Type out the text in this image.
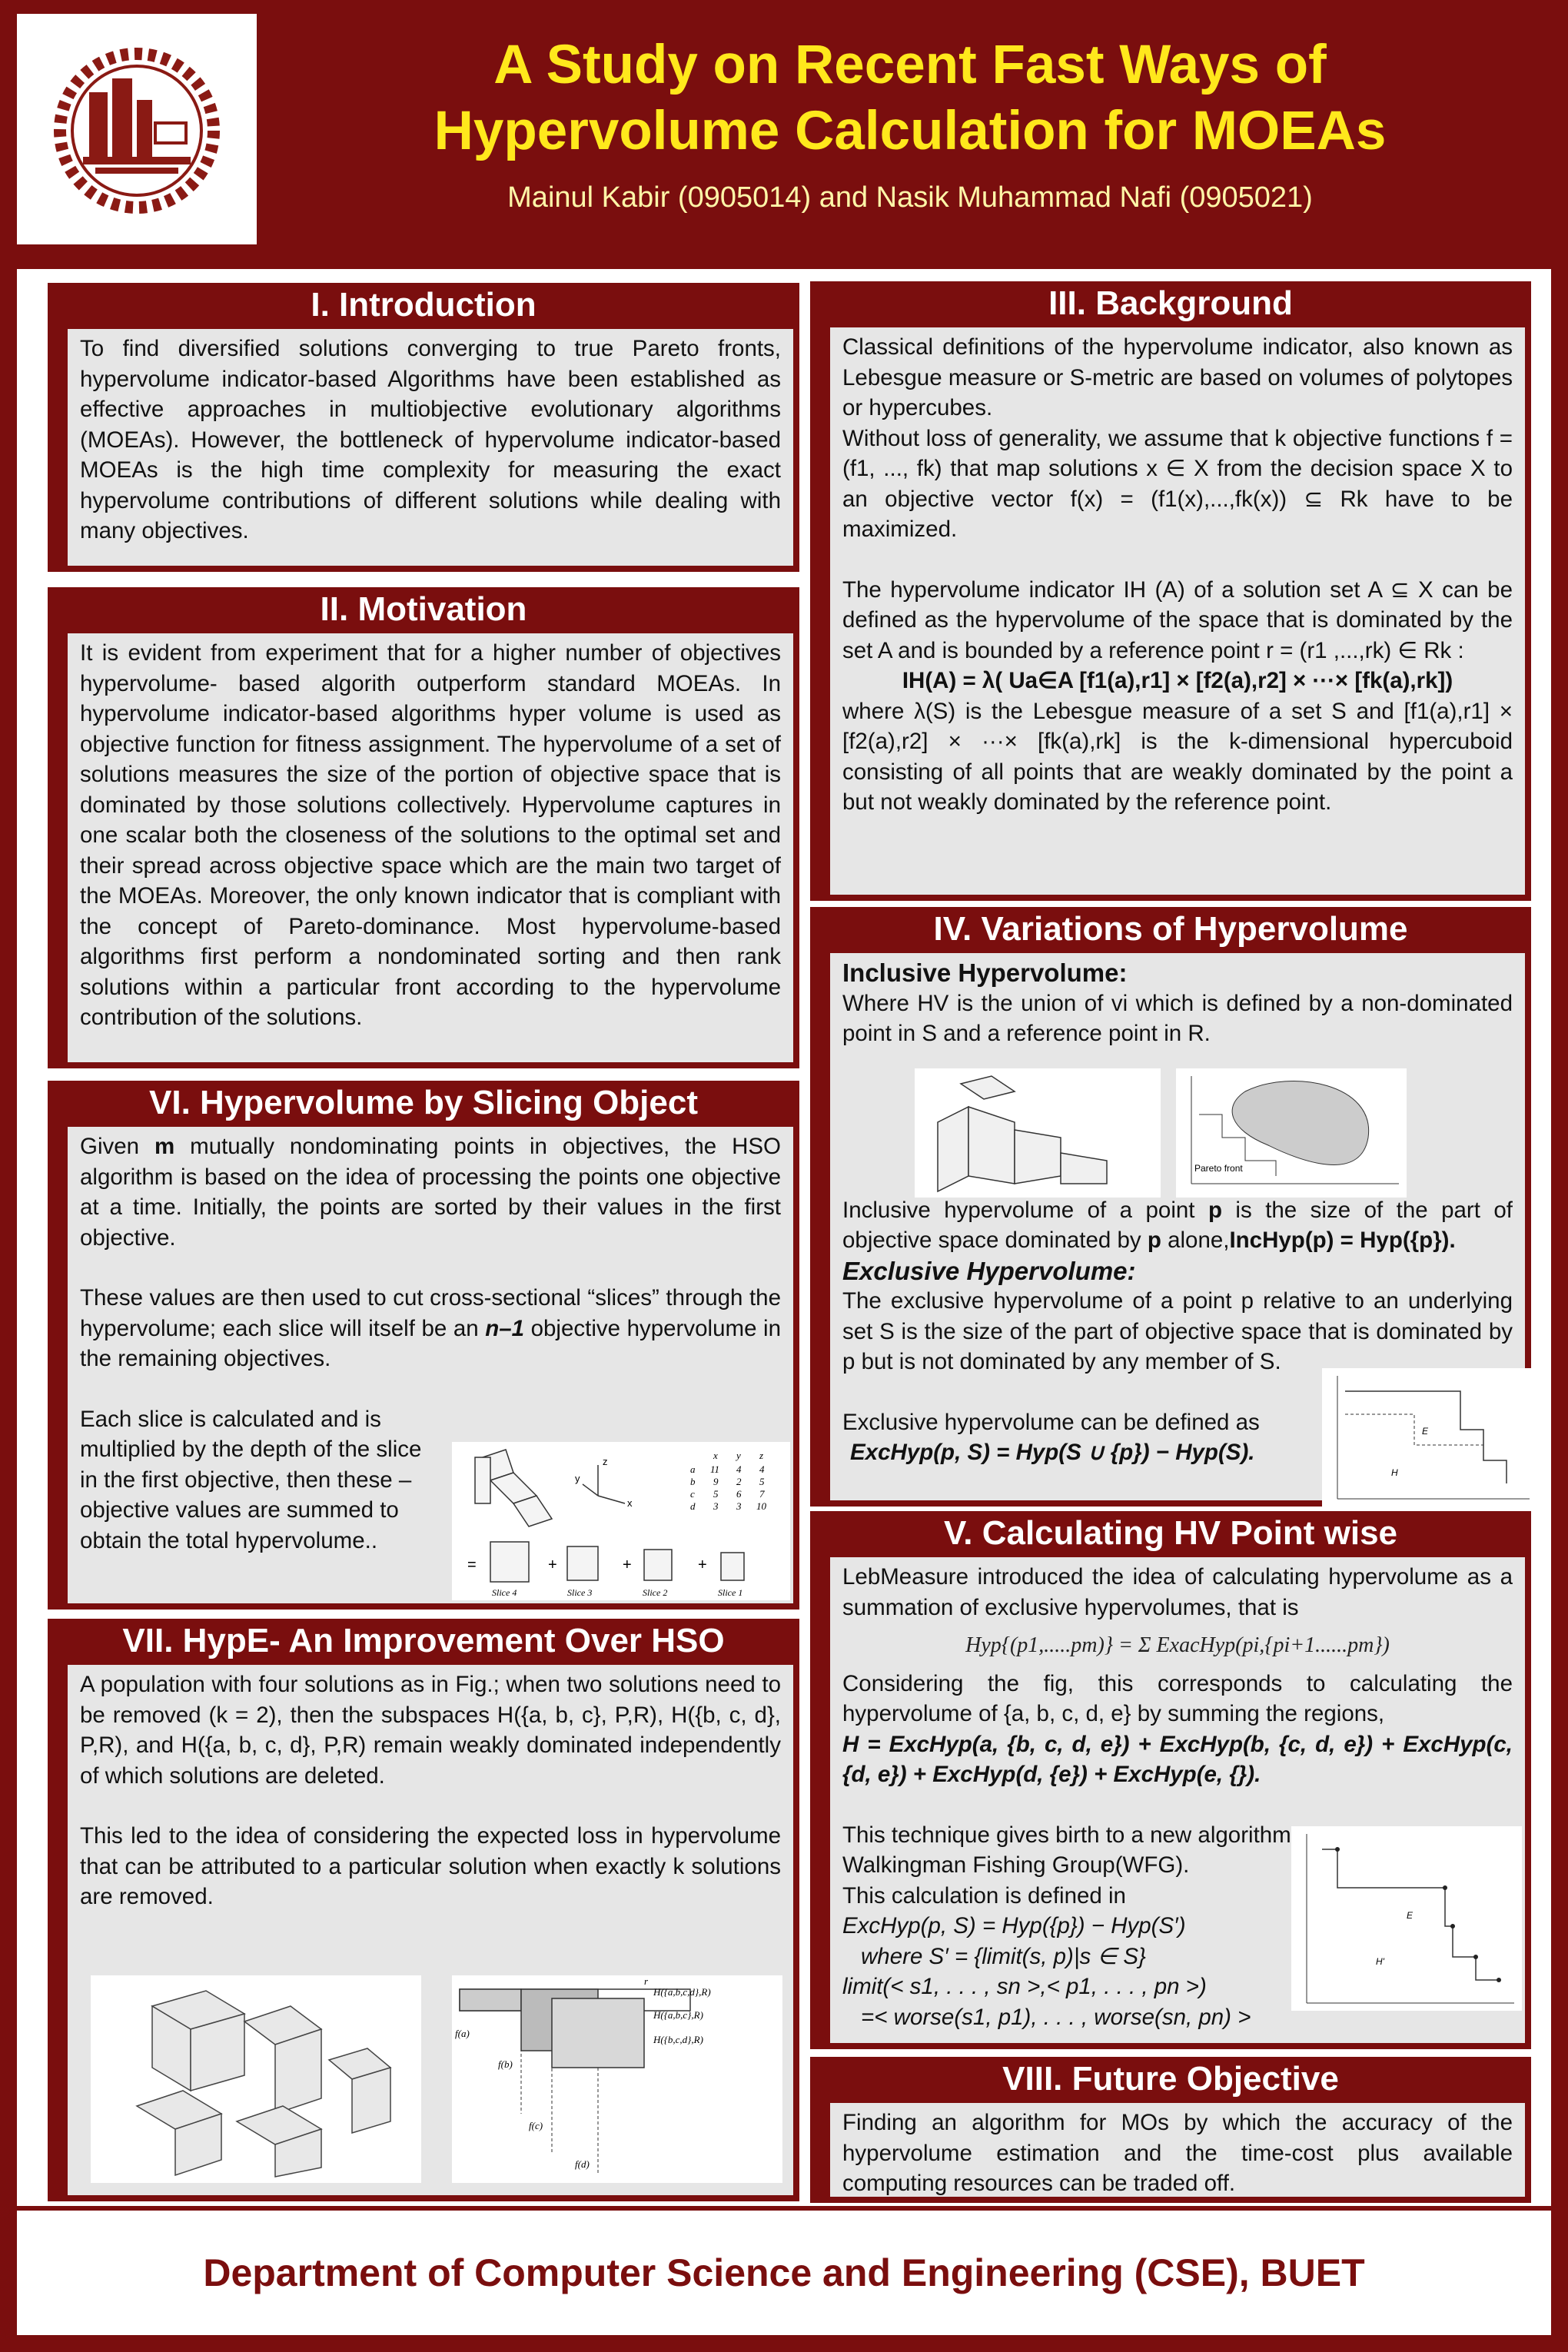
A Study on Recent Fast Ways of
Hypervolume Calculation for MOEAs
Mainul Kabir (0905014) and Nasik Muhammad Nafi (0905021)
I. Introduction

To find diversified solutions converging to true Pareto fronts, hypervolume indicator-based Algorithms have been established as effective approaches in multiobjective evolutionary algorithms (MOEAs). However, the bottleneck of hypervolume indicator-based MOEAs is the high time complexity for measuring the exact hypervolume contributions of different solutions while dealing with many objectives.

II. Motivation

It is evident from experiment that for a higher number of objectives hypervolume- based algorith outperform standard MOEAs. In hypervolume indicator-based algorithms hyper volume is used as objective function for fitness assignment. The hypervolume of a set of solutions measures the size of the portion of objective space that is dominated by those solutions collectively. Hypervolume captures in one scalar both the closeness of the solutions to the optimal set and their spread across objective space which are the main two target of the MOEAs. Moreover, the only known indicator that is compliant with the concept of Pareto-dominance. Most hypervolume-based algorithms first perform a nondominated sorting and then rank solutions within a particular front according to the hypervolume contribution of the solutions.

VI. Hypervolume by Slicing Object

Given m mutually nondominating points in objectives, the HSO algorithm is based on the idea of processing the points one objective at a time. Initially, the points are sorted by their values in the first objective.

These values are then used to cut cross-sectional “slices” through the hypervolume; each slice will itself be an n–1 objective hypervolume in the remaining objectives.

Each slice is calculated and is multiplied by the depth of the slice in the first objective, then these –objective values are summed to obtain the total hypervolume..

z
x
y
x y z
a 11 4 4
b 9 2 5
c 5 6 7
d 3 3 10
=	+	+	+
Slice 4	Slice 3	Slice 2	Slice 1
VII. HypE- An Improvement Over HSO

A population with four solutions as in Fig.; when two solutions need to be removed (k = 2), then the subspaces H({a, b, c}, P,R), H({b, c, d}, P,R), and H({a, b, c, d}, P,R) remain weakly dominated independently of which solutions are deleted.

This led to the idea of considering the expected loss in hypervolume that can be attributed to a particular solution when exactly k solutions are removed.

H({a,b,c,d},R)
H({a,b,c},R)
H({b,c,d},R)
f(a)
f(b)
f(c)
f(d)
r
III. Background

Classical definitions of the hypervolume indicator, also known as Lebesgue measure or S-metric are based on volumes of polytopes or hypercubes.

Without loss of generality, we assume that k objective functions f =(f1, ..., fk) that map solutions x ∈ X from the decision space X to an objective vector f(x) = (f1(x),...,fk(x)) ⊆ Rk have to be maximized.

The hypervolume indicator IH (A) of a solution set A ⊆ X can be defined as the hypervolume of the space that is dominated by the set A and is bounded by a reference point r = (r1 ,...,rk) ∈ Rk :

IH(A) = λ( Ua∈A [f1(a),r1] × [f2(a),r2] × ···× [fk(a),rk])

where λ(S) is the Lebesgue measure of a set S and [f1(a),r1] × [f2(a),r2] × ···× [fk(a),rk] is the k-dimensional hypercuboid consisting of all points that are weakly dominated by the point a but not weakly dominated by the reference point.

IV. Variations of Hypervolume

Inclusive Hypervolume:

Where HV is the union of vi which is defined by a non-dominated point in S and a reference point in R.

Pareto front

Inclusive hypervolume of a point p is the size of the part of objective space dominated by p alone,IncHyp(p) = Hyp({p}).

Exclusive Hypervolume:

The exclusive hypervolume of a point p relative to an underlying set S is the size of the part of objective space that is dominated by p but is not dominated by any member of S.

Exclusive hypervolume can be defined as

ExcHyp(p, S) = Hyp(S ∪ {p}) − Hyp(S).

E
H
V. Calculating HV Point wise

LebMeasure introduced the idea of calculating hypervolume as a summation of exclusive hypervolumes, that is

Hyp{(p1,.....pm)} = Σ ExacHyp(pi,{pi+1......pm})

Considering the fig, this corresponds to calculating the hypervolume of {a, b, c, d, e} by summing the regions,

H = ExcHyp(a, {b, c, d, e}) + ExcHyp(b, {c, d, e}) + ExcHyp(c, {d, e}) + ExcHyp(d, {e}) + ExcHyp(e, {}).

This technique gives birth to a new algorithm Walkingman Fishing Group(WFG).

This calculation is defined in

ExcHyp(p, S) = Hyp({p}) − Hyp(S′)

where S′ = {limit(s, p)|s ∈ S}

limit(< s1, . . . , sn >,< p1, . . . , pn >)

=< worse(s1, p1), . . . , worse(sn, pn) >

E
H'
VIII. Future Objective

Finding an algorithm for MOs by which the accuracy of the hypervolume estimation and the time-cost plus available computing resources can be traded off.

Department of Computer Science and Engineering (CSE), BUET
